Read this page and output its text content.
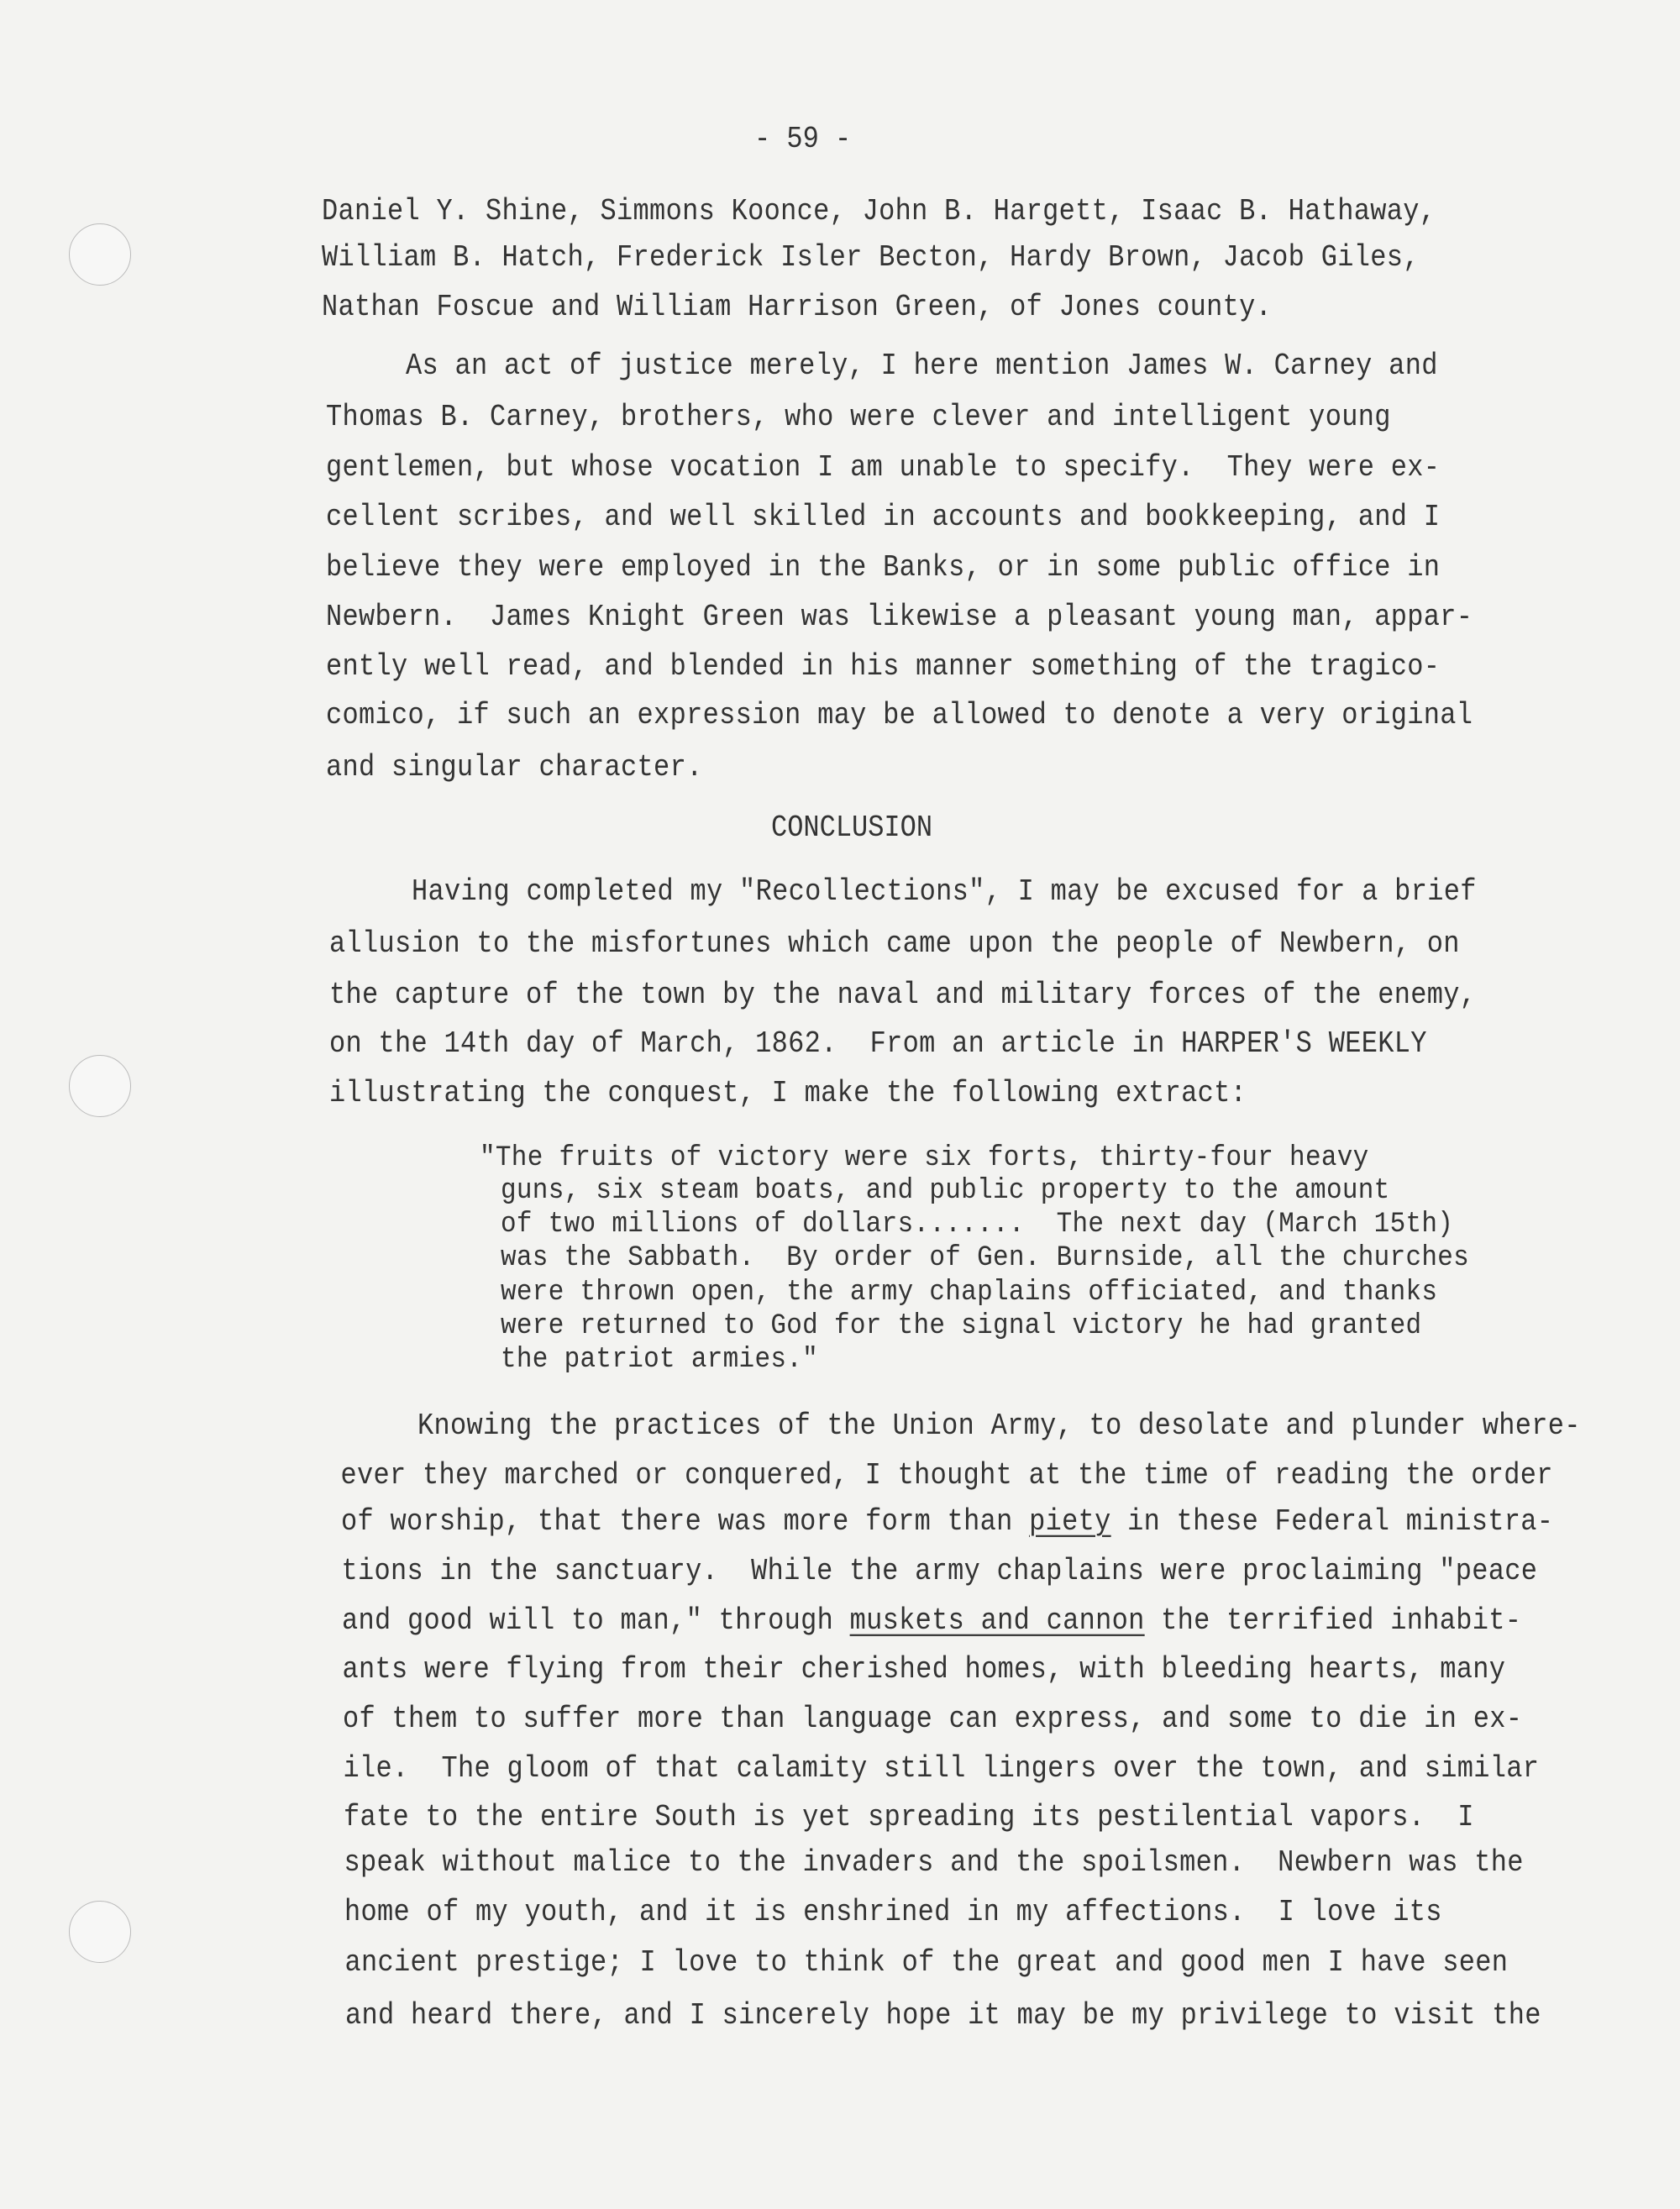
- 59 -
CONCLUSION
Daniel Y. Shine, Simmons Koonce, John B. Hargett, Isaac B. Hathaway,
William B. Hatch, Frederick Isler Becton, Hardy Brown, Jacob Giles,
Nathan Foscue and William Harrison Green, of Jones county.
As an act of justice merely, I here mention James W. Carney and
Thomas B. Carney, brothers, who were clever and intelligent young
gentlemen, but whose vocation I am unable to specify.  They were ex-
cellent scribes, and well skilled in accounts and bookkeeping, and I
believe they were employed in the Banks, or in some public office in
Newbern.  James Knight Green was likewise a pleasant young man, appar-
ently well read, and blended in his manner something of the tragico-
comico, if such an expression may be allowed to denote a very original
and singular character.
Having completed my "Recollections", I may be excused for a brief
allusion to the misfortunes which came upon the people of Newbern, on
the capture of the town by the naval and military forces of the enemy,
on the 14th day of March, 1862.  From an article in HARPER'S WEEKLY
illustrating the conquest, I make the following extract:
"The fruits of victory were six forts, thirty-four heavy
guns, six steam boats, and public property to the amount
of two millions of dollars.......  The next day (March 15th)
was the Sabbath.  By order of Gen. Burnside, all the churches
were thrown open, the army chaplains officiated, and thanks
were returned to God for the signal victory he had granted
the patriot armies."
Knowing the practices of the Union Army, to desolate and plunder where-
ever they marched or conquered, I thought at the time of reading the order
of worship, that there was more form than piety in these Federal ministra-
tions in the sanctuary.  While the army chaplains were proclaiming "peace
and good will to man," through muskets and cannon the terrified inhabit-
ants were flying from their cherished homes, with bleeding hearts, many
of them to suffer more than language can express, and some to die in ex-
ile.  The gloom of that calamity still lingers over the town, and similar
fate to the entire South is yet spreading its pestilential vapors.  I
speak without malice to the invaders and the spoilsmen.  Newbern was the
home of my youth, and it is enshrined in my affections.  I love its
ancient prestige; I love to think of the great and good men I have seen
and heard there, and I sincerely hope it may be my privilege to visit the
